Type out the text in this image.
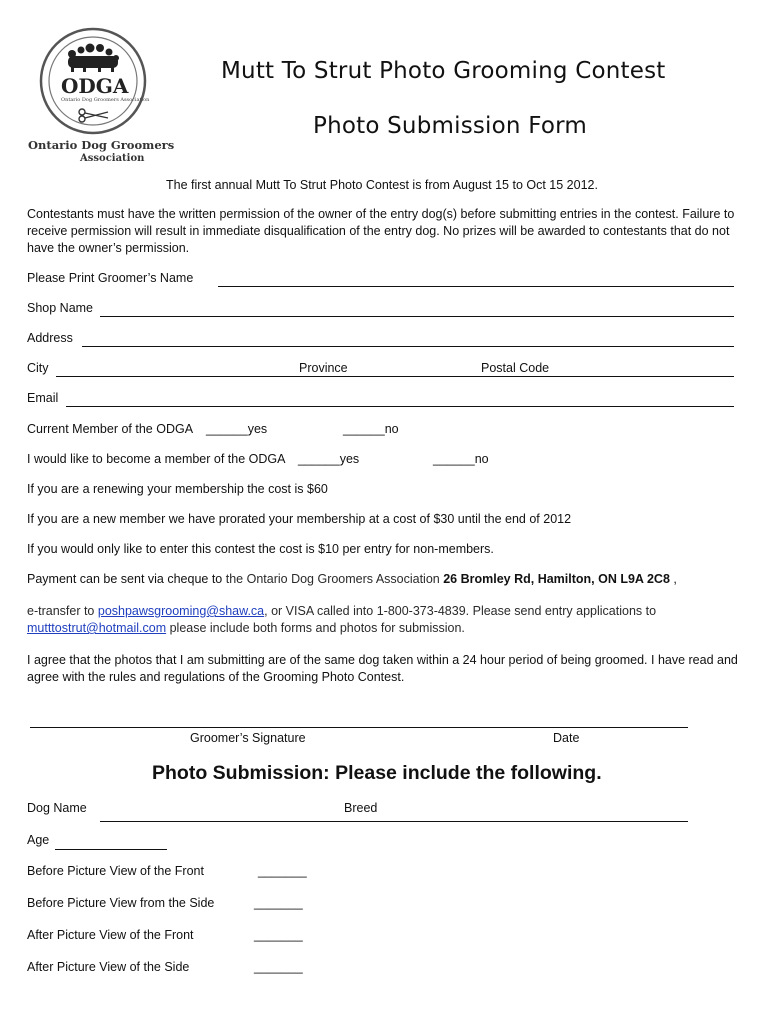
ODGA
Ontario Dog Groomers Association
Ontario Dog Groomers
Association
Mutt To Strut Photo Grooming Contest
Photo Submission Form
The first annual Mutt To Strut Photo Contest is from August 15 to Oct 15 2012.
Contestants must have the written permission of the owner of the entry dog(s) before submitting entries in the contest. Failure to receive permission will result in immediate disqualification of the entry dog. No prizes will be awarded to contestants that do not have the owner’s permission.
Please Print Groomer’s Name
Shop Name
Address
City	Province	Postal Code
Email
Current Member of the ODGA ______yes	______no
I would like to become a member of the ODGA ______yes	______no
If you are a renewing your membership the cost is $60
If you are a new member we have prorated your membership at a cost of $30 until the end of 2012
If you would only like to enter this contest the cost is $10 per entry for non-members.
Payment can be sent via cheque to the Ontario Dog Groomers Association 26 Bromley Rd, Hamilton, ON L9A 2C8 ,
e-transfer to poshpawsgrooming@shaw.ca, or VISA called into 1-800-373-4839. Please send entry applications to
mutttostrut@hotmail.com please include both forms and photos for submission.
I agree that the photos that I am submitting are of the same dog taken within a 24 hour period of being groomed. I have read and agree with the rules and regulations of the Grooming Photo Contest.
Groomer’s Signature	Date
Photo Submission: Please include the following.
Dog Name	Breed
Age
Before Picture View of the Front	_______
Before Picture View from the Side	_______
After Picture View of the Front	_______
After Picture View of the Side	_______
